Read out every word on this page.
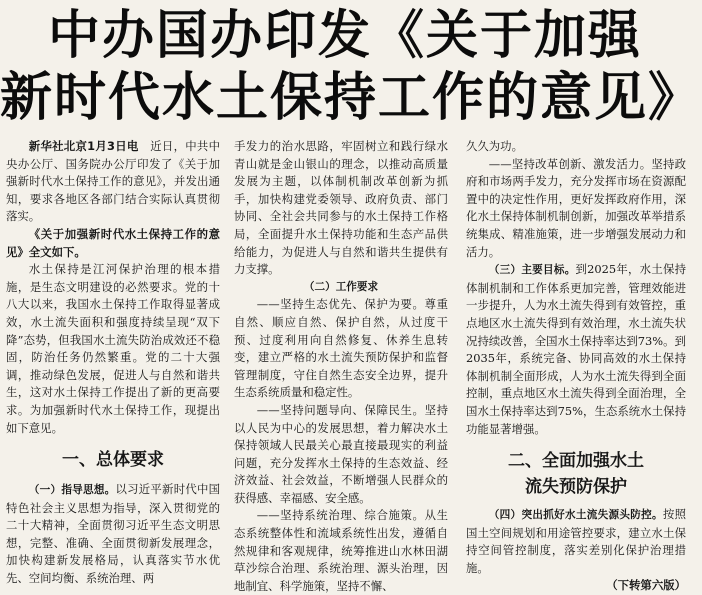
中办国办印发《关于加强
新时代水土保持工作的意见》

新华社北京1月3日电　 近日，中共中央办公厅、国务院办公厅印发了《关于加强新时代水土保持工作的意见》，并发出通知，要求各地区各部门结合实际认真贯彻落实。

《关于加强新时代水土保持工作的意见》全文如下。

水土保持是江河保护治理的根本措施，是生态文明建设的必然要求。党的十八大以来，我国水土保持工作取得显著成效，水土流失面积和强度持续呈现“双下降”态势，但我国水土流失防治成效还不稳固，防治任务仍然繁重。党的二十大强调，推动绿色发展，促进人与自然和谐共生，这对水土保持工作提出了新的更高要求。为加强新时代水土保持工作，现提出如下意见。

一、总体要求

（一）指导思想。以习近平新时代中国特色社会主义思想为指导，深入贯彻党的二十大精神，全面贯彻习近平生态文明思想，完整、准确、全面贯彻新发展理念，加快构建新发展格局，认真落实节水优先、空间均衡、系统治理、两

手发力的治水思路，牢固树立和践行绿水青山就是金山银山的理念，以推动高质量发展为主题，以体制机制改革创新为抓手，加快构建党委领导、政府负责、部门协同、全社会共同参与的水土保持工作格局，全面提升水土保持功能和生态产品供给能力，为促进人与自然和谐共生提供有力支撑。

（二）工作要求

——坚持生态优先、保护为要。尊重自然、顺应自然、保护自然，从过度干预、过度利用向自然修复、休养生息转变，建立严格的水土流失预防保护和监督管理制度，守住自然生态安全边界，提升生态系统质量和稳定性。

——坚持问题导向、保障民生。坚持以人民为中心的发展思想，着力解决水土保持领域人民最关心最直接最现实的利益问题，充分发挥水土保持的生态效益、经济效益、社会效益，不断增强人民群众的获得感、幸福感、安全感。

——坚持系统治理、综合施策。从生态系统整体性和流域系统性出发，遵循自然规律和客观规律，统筹推进山水林田湖草沙综合治理、系统治理、源头治理，因地制宜、科学施策，坚持不懈、

久久为功。

——坚持改革创新、激发活力。坚持政府和市场两手发力，充分发挥市场在资源配置中的决定性作用，更好发挥政府作用，深化水土保持体制机制创新，加强改革举措系统集成、精准施策，进一步增强发展动力和活力。

（三）主要目标。到2025年，水土保持体制机制和工作体系更加完善，管理效能进一步提升，人为水土流失得到有效管控，重点地区水土流失得到有效治理，水土流失状况持续改善，全国水土保持率达到73%。到2035年，系统完备、协同高效的水土保持体制机制全面形成，人为水土流失得到全面控制，重点地区水土流失得到全面治理，全国水土保持率达到75%，生态系统水土保持功能显著增强。

二、全面加强水土
流失预防保护

（四）突出抓好水土流失源头防控。按照国土空间规划和用途管控要求，建立水土保持空间管控制度，落实差别化保护治理措施。

（下转第六版）
